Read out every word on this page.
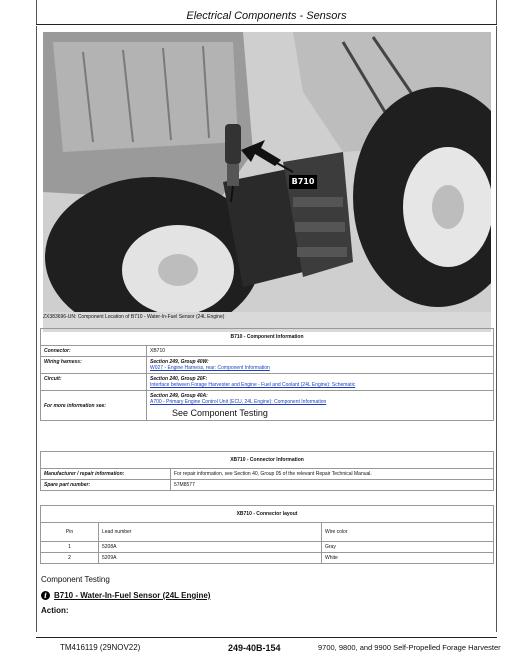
Electrical Components - Sensors
B710
ZX383696-UN: Component Location of B710 - Water-In-Fuel Sensor (24L Engine)
B710 - Component Information	
Connector:	XB710
Wiring harness:	Section 249, Group 40W:
W027 - Engine Harness, rear: Component Information

Circuit:	Section 240, Group 20F:
Interface between Forage Harvester and Engine - Fuel and Coolant (24L Engine): Schematic

For more information see:	Section 249, Group 40A:
A700 - Primary Engine Control Unit (ECU, 24L Engine): Component Information
See Component Testing
XB710 - Connector Information	
Manufacturer / repair information:	For repair information, see Section 40, Group 05 of the relevant Repair Technical Manual.
Spare part number:	57M8577
XB710 - Connector layout		
Pin	Lead number	Wire color
1	5208A	Gray
2	5209A	White
Component Testing
i B710 - Water-In-Fuel Sensor (24L Engine)
Action:
TM416119 (29NOV22)	249-40B-154	9700, 9800, and 9900 Self-Propelled Forage Harvester
